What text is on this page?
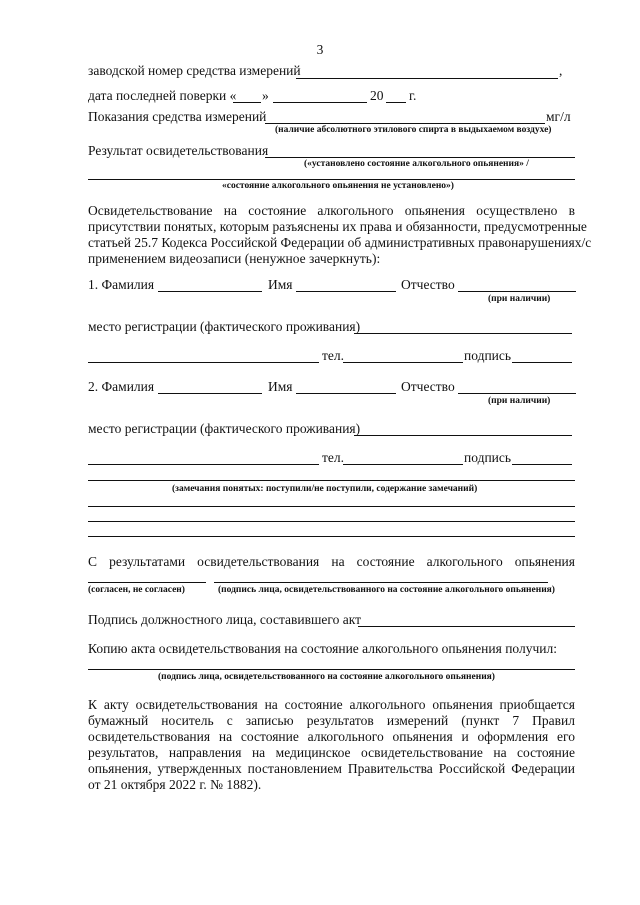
3
заводской номер средства измерений	,
дата последней поверки « »	20 г.
Показания средства измерений	мг/л
(наличие абсолютного этилового спирта в выдыхаемом воздухе)
Результат освидетельствования
(«установлено состояние алкогольного опьянения» /
«состояние алкогольного опьянения не установлено»)
Освидетельствование на состояние алкогольного опьянения осуществлено в
присутствии понятых, которым разъяснены их права и обязанности, предусмотренные
статьей 25.7 Кодекса Российской Федерации об административных правонарушениях/с
применением видеозаписи (ненужное зачеркнуть):
1. Фамилия	Имя	Отчество
(при наличии)
место регистрации (фактического проживания)
тел.	подпись
2. Фамилия	Имя	Отчество
(при наличии)
место регистрации (фактического проживания)
тел.	подпись
(замечания понятых: поступили/не поступили, содержание замечаний)
С результатами освидетельствования на состояние алкогольного опьянения
(согласен, не согласен)	(подпись лица, освидетельствованного на состояние алкогольного опьянения)
Подпись должностного лица, составившего акт
Копию акта освидетельствования на состояние алкогольного опьянения получил:
(подпись лица, освидетельствованного на состояние алкогольного опьянения)
К акту освидетельствования на состояние алкогольного опьянения приобщается
бумажный носитель с записью результатов измерений (пункт 7 Правил
освидетельствования на состояние алкогольного опьянения и оформления его
результатов, направления на медицинское освидетельствование на состояние
опьянения, утвержденных постановлением Правительства Российской Федерации
от 21 октября 2022 г. № 1882).
